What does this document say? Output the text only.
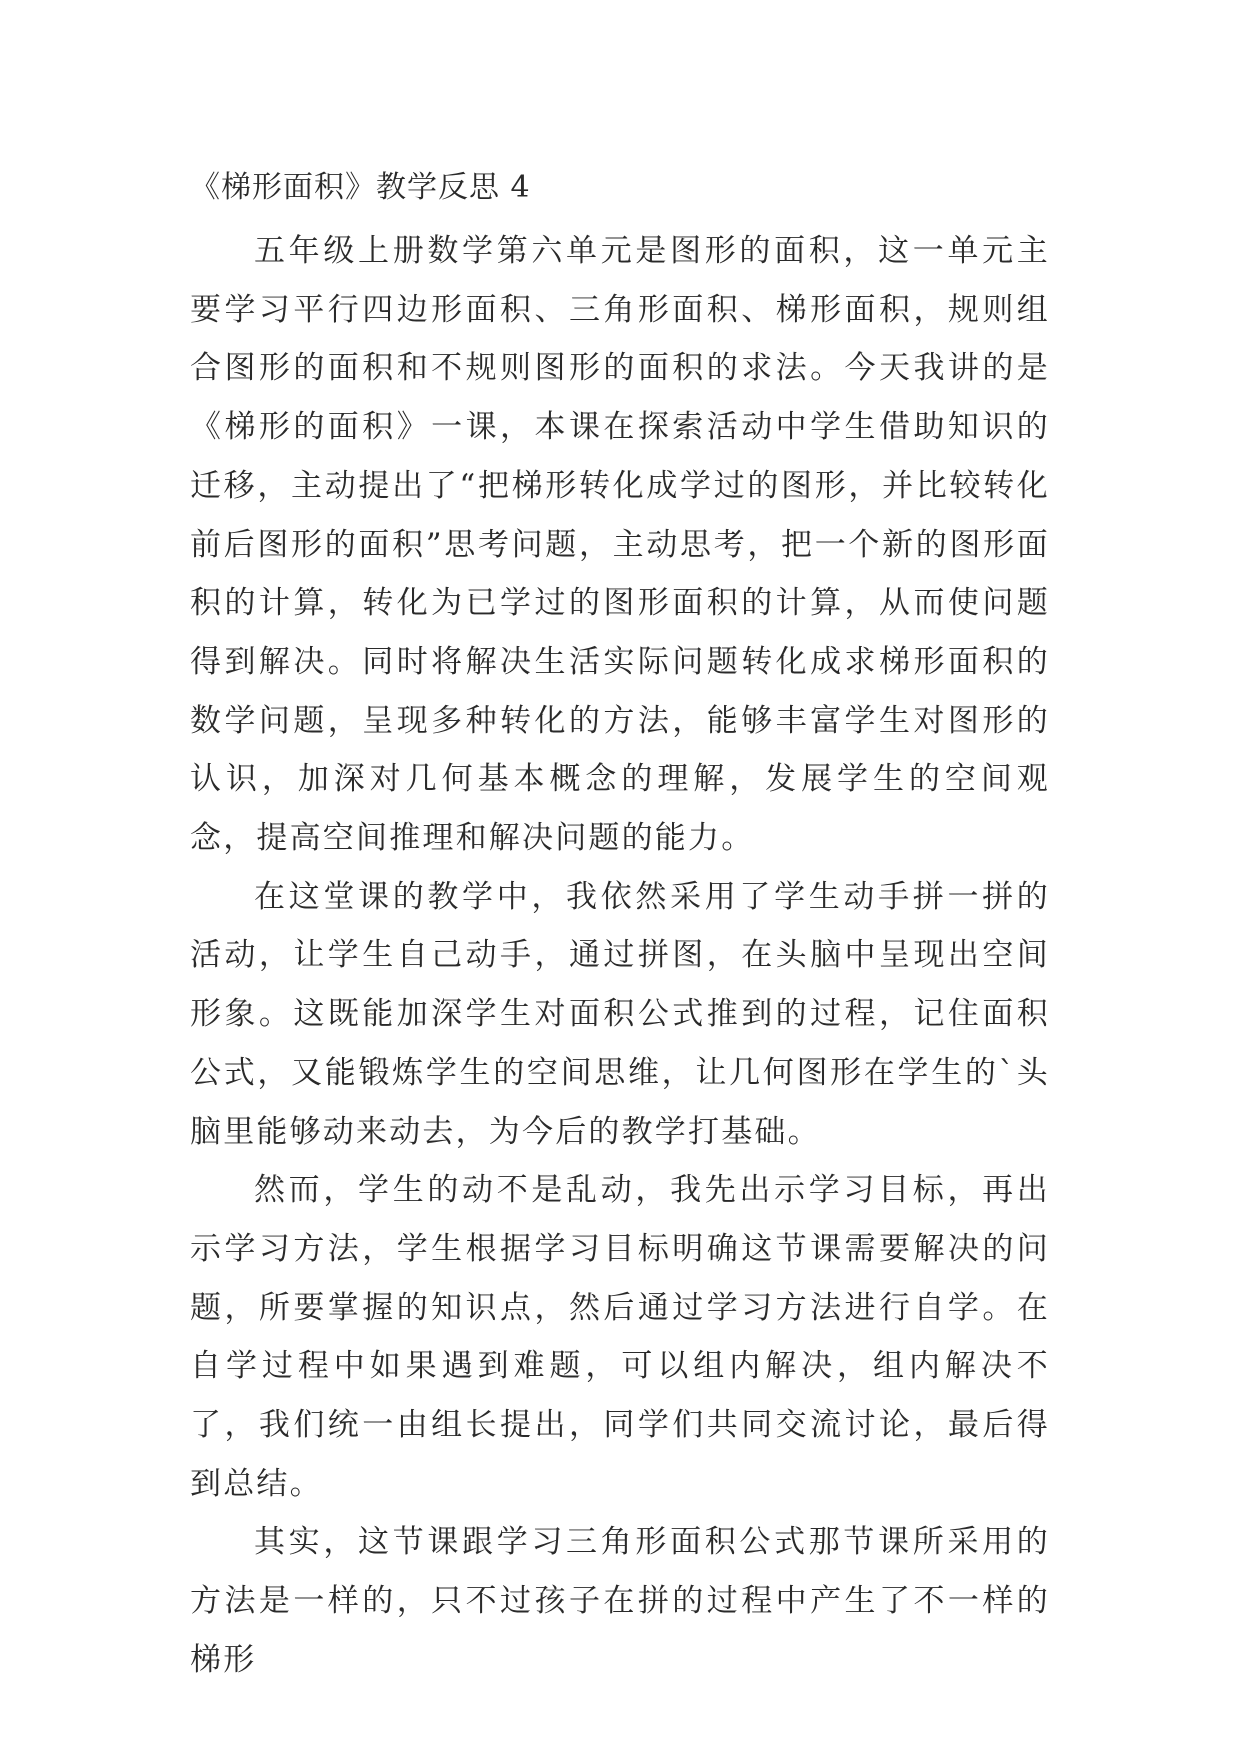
《梯形面积》教学反思 4

五年级上册数学第六单元是图形的面积，这一单元主要学习平行四边形面积、三角形面积、梯形面积，规则组合图形的面积和不规则图形的面积的求法。今天我讲的是《梯形的面积》一课，本课在探索活动中学生借助知识的迁移，主动提出了“把梯形转化成学过的图形，并比较转化前后图形的面积”思考问题，主动思考，把一个新的图形面积的计算，转化为已学过的图形面积的计算，从而使问题得到解决。同时将解决生活实际问题转化成求梯形面积的数学问题，呈现多种转化的方法，能够丰富学生对图形的认识，加深对几何基本概念的理解，发展学生的空间观念，提高空间推理和解决问题的能力。

在这堂课的教学中，我依然采用了学生动手拼一拼的活动，让学生自己动手，通过拼图，在头脑中呈现出空间形象。这既能加深学生对面积公式推到的过程，记住面积公式，又能锻炼学生的空间思维，让几何图形在学生的`头脑里能够动来动去，为今后的教学打基础。

然而，学生的动不是乱动，我先出示学习目标，再出示学习方法，学生根据学习目标明确这节课需要解决的问题，所要掌握的知识点，然后通过学习方法进行自学。在自学过程中如果遇到难题，可以组内解决，组内解决不了，我们统一由组长提出，同学们共同交流讨论，最后得到总结。

其实，这节课跟学习三角形面积公式那节课所采用的方法是一样的，只不过孩子在拼的过程中产生了不一样的梯形
